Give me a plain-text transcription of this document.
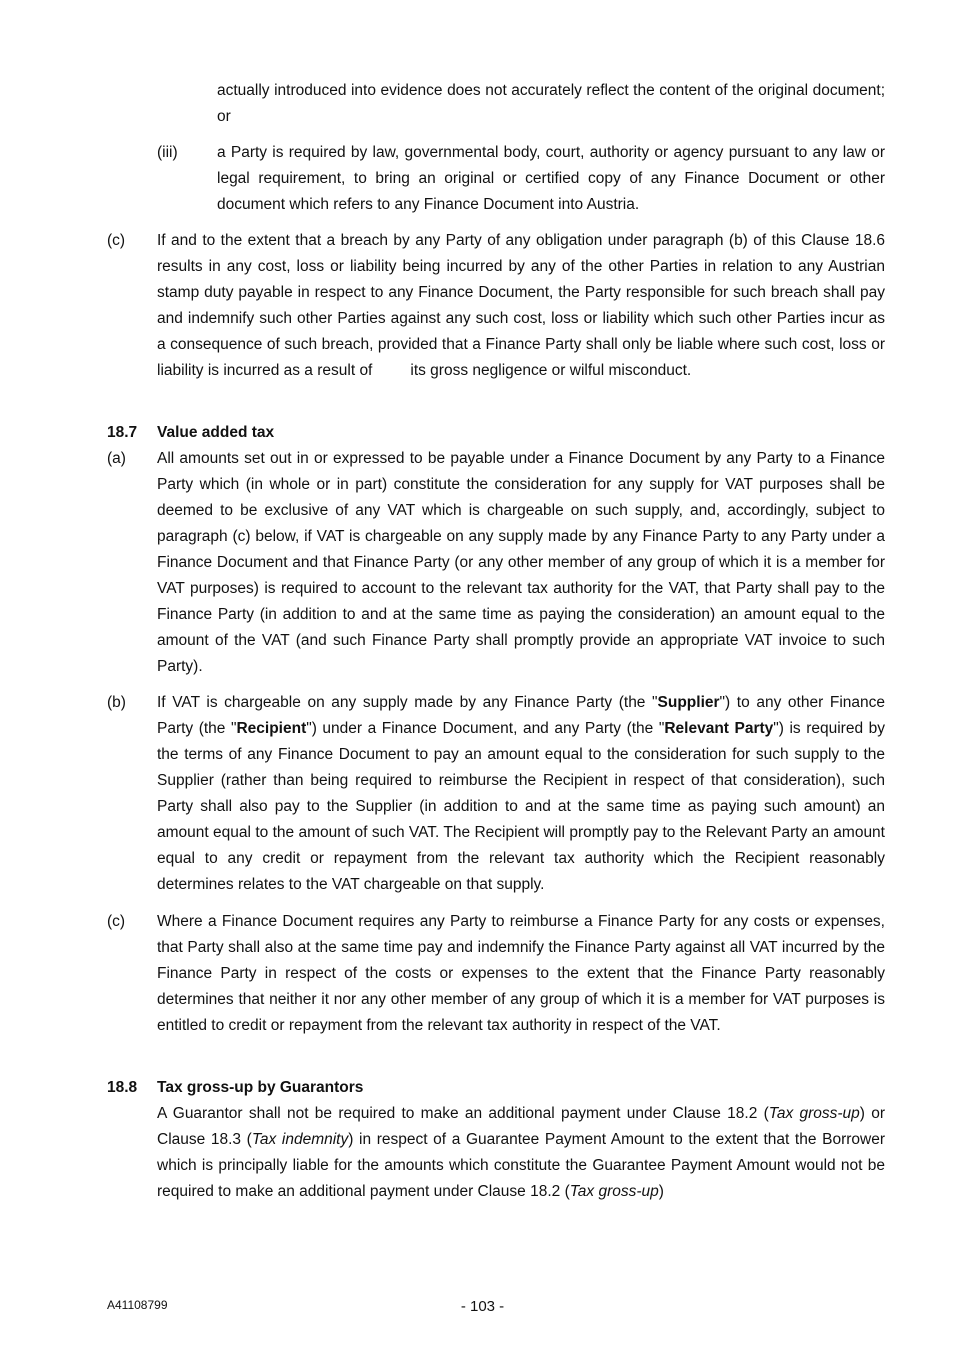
actually introduced into evidence does not accurately reflect the content of the original document; or
(iii)	a Party is required by law, governmental body, court, authority or agency pursuant to any law or legal requirement, to bring an original or certified copy of any Finance Document or other document which refers to any Finance Document into Austria.
(c) If and to the extent that a breach by any Party of any obligation under paragraph (b) of this Clause 18.6 results in any cost, loss or liability being incurred by any of the other Parties in relation to any Austrian stamp duty payable in respect to any Finance Document, the Party responsible for such breach shall pay and indemnify such other Parties against any such cost, loss or liability which such other Parties incur as a consequence of such breach, provided that a Finance Party shall only be liable where such cost, loss or liability is incurred as a result of its gross negligence or wilful misconduct.
18.7 Value added tax
(a) All amounts set out in or expressed to be payable under a Finance Document by any Party to a Finance Party which (in whole or in part) constitute the consideration for any supply for VAT purposes shall be deemed to be exclusive of any VAT which is chargeable on such supply, and, accordingly, subject to paragraph (c) below, if VAT is chargeable on any supply made by any Finance Party to any Party under a Finance Document and that Finance Party (or any other member of any group of which it is a member for VAT purposes) is required to account to the relevant tax authority for the VAT, that Party shall pay to the Finance Party (in addition to and at the same time as paying the consideration) an amount equal to the amount of the VAT (and such Finance Party shall promptly provide an appropriate VAT invoice to such Party).
(b) If VAT is chargeable on any supply made by any Finance Party (the "Supplier") to any other Finance Party (the "Recipient") under a Finance Document, and any Party (the "Relevant Party") is required by the terms of any Finance Document to pay an amount equal to the consideration for such supply to the Supplier (rather than being required to reimburse the Recipient in respect of that consideration), such Party shall also pay to the Supplier (in addition to and at the same time as paying such amount) an amount equal to the amount of such VAT. The Recipient will promptly pay to the Relevant Party an amount equal to any credit or repayment from the relevant tax authority which the Recipient reasonably determines relates to the VAT chargeable on that supply.
(c) Where a Finance Document requires any Party to reimburse a Finance Party for any costs or expenses, that Party shall also at the same time pay and indemnify the Finance Party against all VAT incurred by the Finance Party in respect of the costs or expenses to the extent that the Finance Party reasonably determines that neither it nor any other member of any group of which it is a member for VAT purposes is entitled to credit or repayment from the relevant tax authority in respect of the VAT.
18.8 Tax gross-up by Guarantors
A Guarantor shall not be required to make an additional payment under Clause 18.2 (Tax gross-up) or Clause 18.3 (Tax indemnity) in respect of a Guarantee Payment Amount to the extent that the Borrower which is principally liable for the amounts which constitute the Guarantee Payment Amount would not be required to make an additional payment under Clause 18.2 (Tax gross-up)
A41108799	- 103 -
